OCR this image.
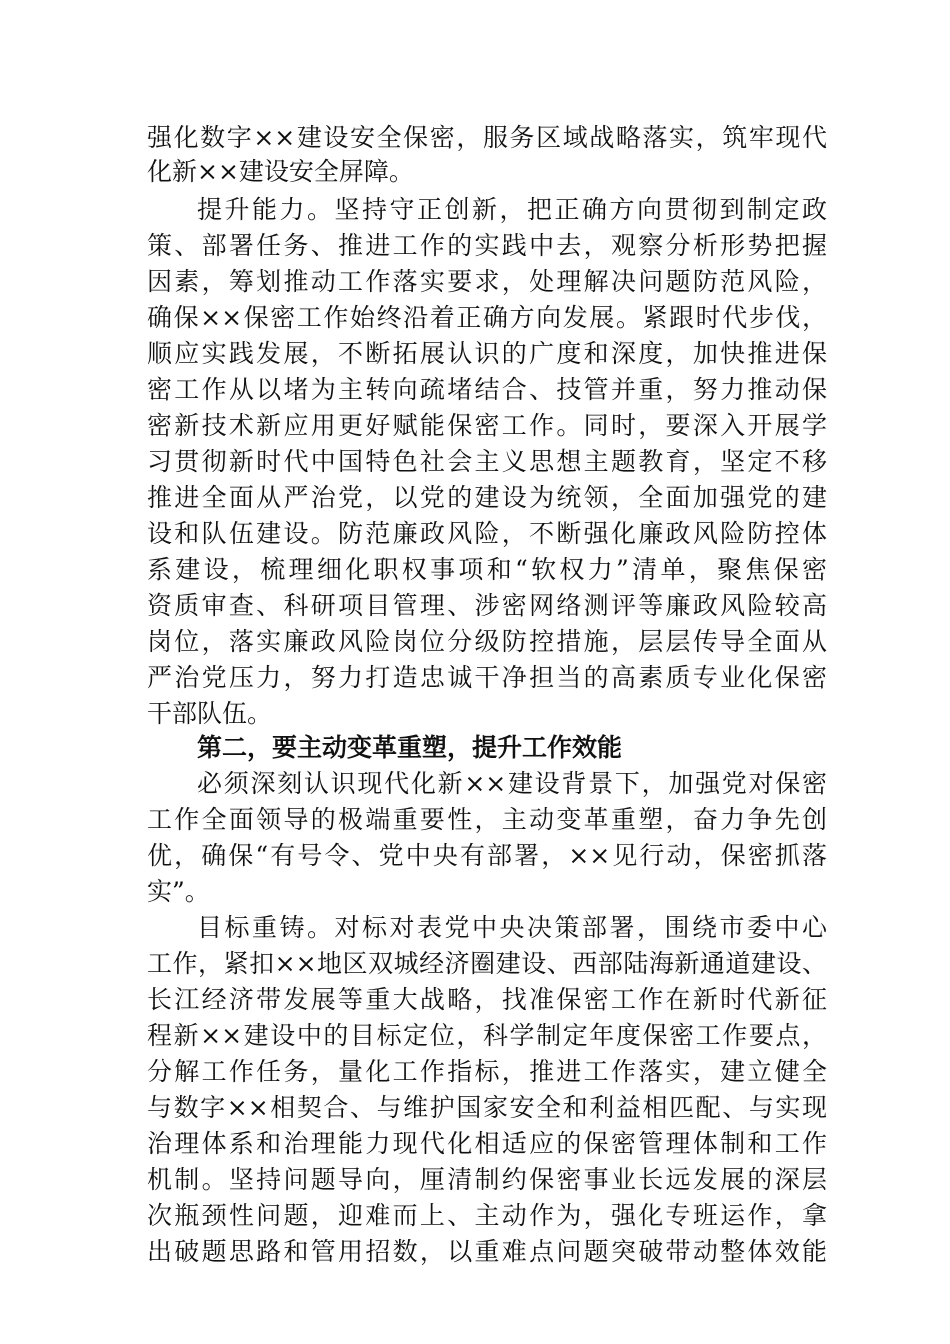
强化数字××建设安全保密，服务区域战略落实，筑牢现代
化新××建设安全屏障。
提升能力。坚持守正创新，把正确方向贯彻到制定政
策、部署任务、推进工作的实践中去，观察分析形势把握
因素，筹划推动工作落实要求，处理解决问题防范风险，
确保××保密工作始终沿着正确方向发展。紧跟时代步伐，
顺应实践发展，不断拓展认识的广度和深度，加快推进保
密工作从以堵为主转向疏堵结合、技管并重，努力推动保
密新技术新应用更好赋能保密工作。同时，要深入开展学
习贯彻新时代中国特色社会主义思想主题教育，坚定不移
推进全面从严治党，以党的建设为统领，全面加强党的建
设和队伍建设。防范廉政风险，不断强化廉政风险防控体
系建设，梳理细化职权事项和“软权力”清单，聚焦保密
资质审查、科研项目管理、涉密网络测评等廉政风险较高
岗位，落实廉政风险岗位分级防控措施，层层传导全面从
严治党压力，努力打造忠诚干净担当的高素质专业化保密
干部队伍。
第二，要主动变革重塑，提升工作效能
必须深刻认识现代化新××建设背景下，加强党对保密
工作全面领导的极端重要性，主动变革重塑，奋力争先创
优，确保“有号令、党中央有部署，××见行动，保密抓落
实”。
目标重铸。对标对表党中央决策部署，围绕市委中心
工作，紧扣××地区双城经济圈建设、西部陆海新通道建设、
长江经济带发展等重大战略，找准保密工作在新时代新征
程新××建设中的目标定位，科学制定年度保密工作要点，
分解工作任务，量化工作指标，推进工作落实，建立健全
与数字××相契合、与维护国家安全和利益相匹配、与实现
治理体系和治理能力现代化相适应的保密管理体制和工作
机制。坚持问题导向，厘清制约保密事业长远发展的深层
次瓶颈性问题，迎难而上、主动作为，强化专班运作，拿
出破题思路和管用招数，以重难点问题突破带动整体效能
